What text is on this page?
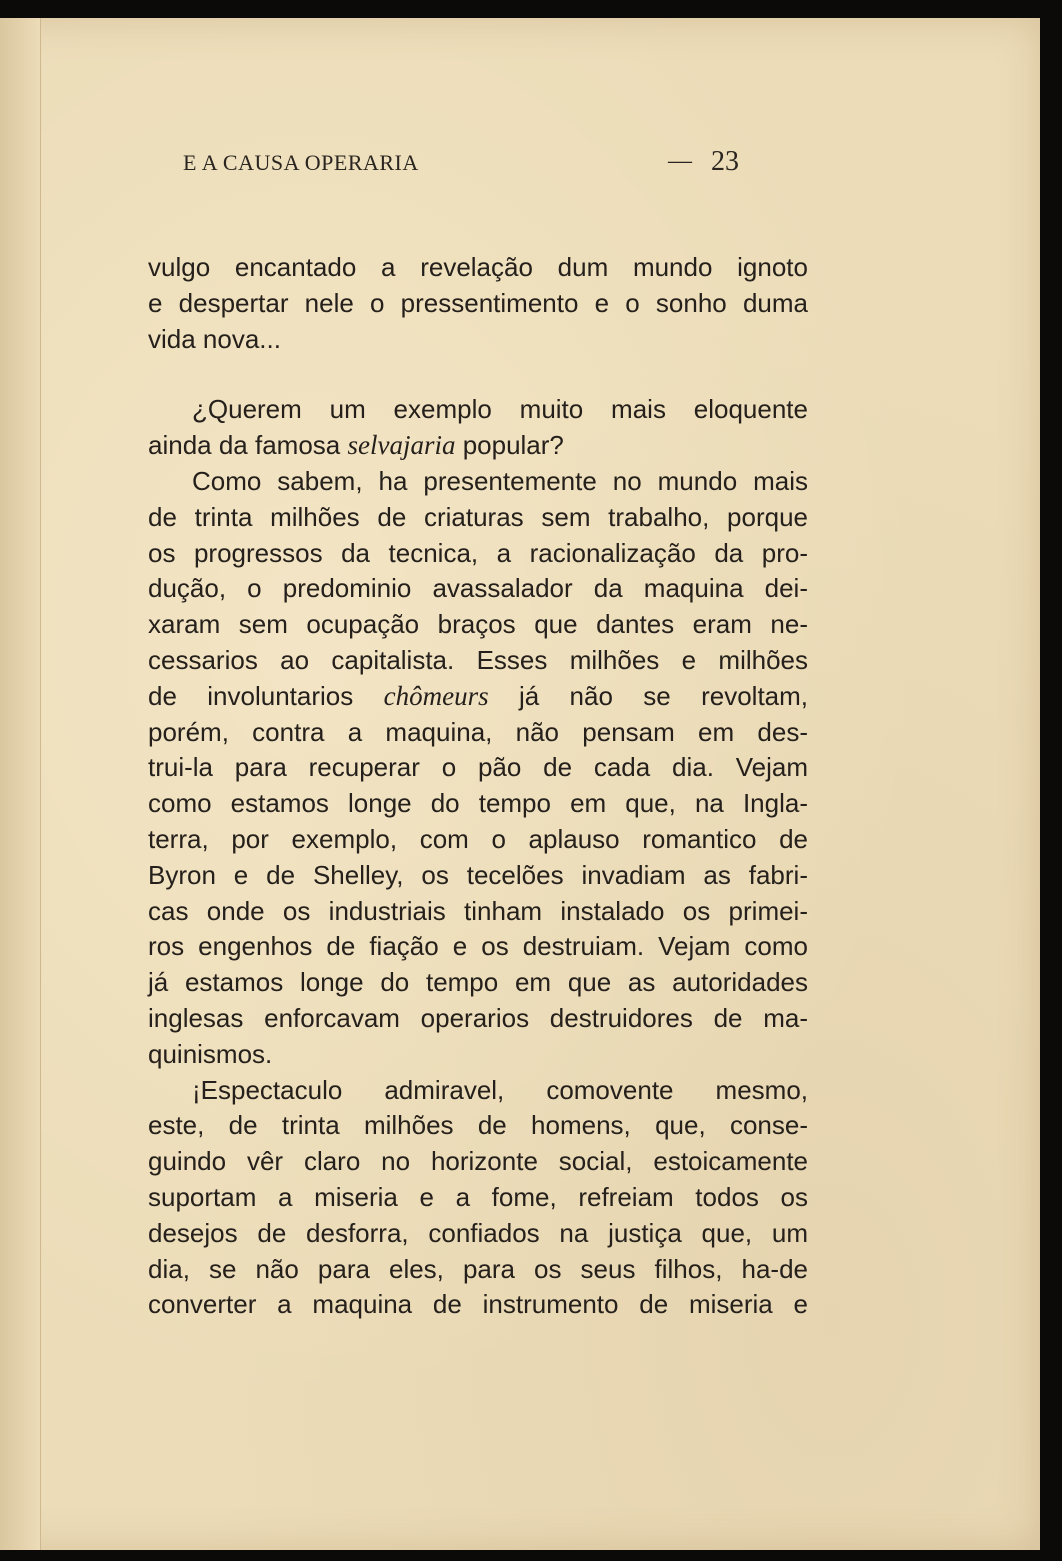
E A CAUSA OPERARIA	— 23
vulgo encantado a revelação dum mundo ignoto
e despertar nele o pressentimento e o sonho duma
vida nova...
¿Querem um exemplo muito mais eloquente
ainda da famosa selvajaria popular?
Como sabem, ha presentemente no mundo mais
de trinta milhões de criaturas sem trabalho, porque
os progressos da tecnica, a racionalização da pro-
dução, o predominio avassalador da maquina dei-
xaram sem ocupação braços que dantes eram ne-
cessarios ao capitalista. Esses milhões e milhões
de involuntarios chômeurs já não se revoltam,
porém, contra a maquina, não pensam em des-
trui-la para recuperar o pão de cada dia. Vejam
como estamos longe do tempo em que, na Ingla-
terra, por exemplo, com o aplauso romantico de
Byron e de Shelley, os tecelões invadiam as fabri-
cas onde os industriais tinham instalado os primei-
ros engenhos de fiação e os destruiam. Vejam como
já estamos longe do tempo em que as autoridades
inglesas enforcavam operarios destruidores de ma-
quinismos.
¡Espectaculo admiravel, comovente mesmo,
este, de trinta milhões de homens, que, conse-
guindo vêr claro no horizonte social, estoicamente
suportam a miseria e a fome, refreiam todos os
desejos de desforra, confiados na justiça que, um
dia, se não para eles, para os seus filhos, ha-de
converter a maquina de instrumento de miseria e
